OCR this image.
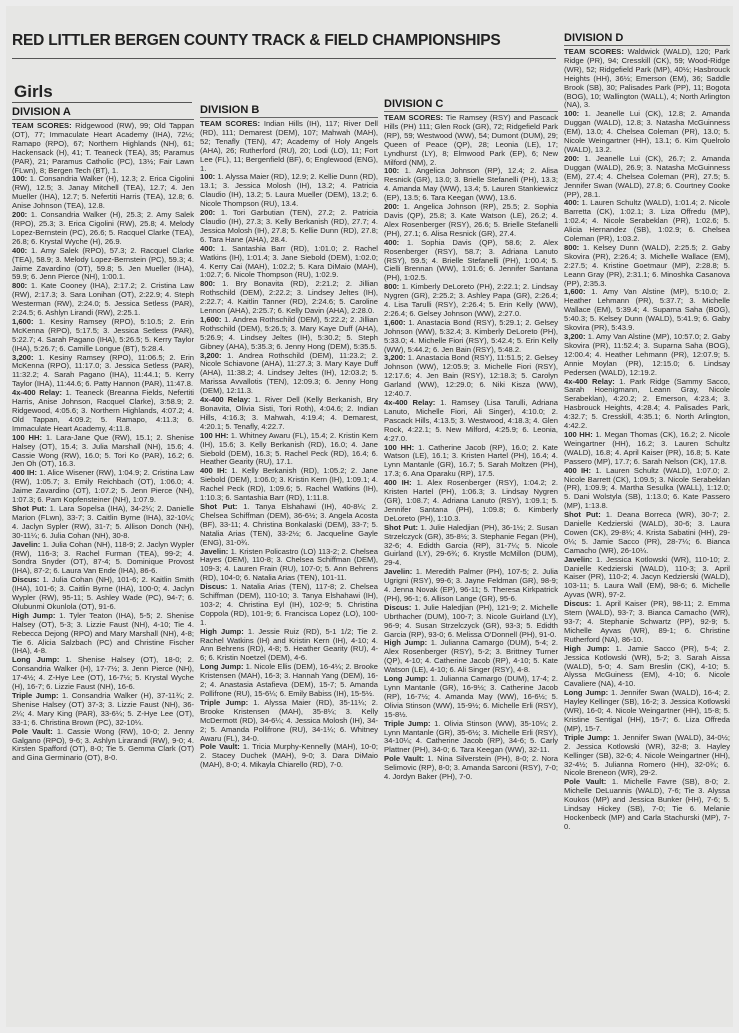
RED LITTLER BERGEN COUNTY TRACK & FIELD CHAMPIONSHIPS
Girls
DIVISION A

TEAM SCORES: Ridgewood (RW), 99; Old Tappan (OT), 77; Immaculate Heart Academy (IHA), 72½; Ramapo (RPO), 67; Northern Highlands (NH), 61; Hackensack (H), 41; T. Teaneck (TEA), 35; Paramus (PAR), 21; Paramus Catholic (PC), 13½; Fair Lawn (FLwn), 8; Bergen Tech (BT), 1.

100: 1. Consandria Walker (H), 12.3; 2. Erica Cigolini (RW), 12.5; 3. Janay Mitchell (TEA), 12.7; 4. Jen Mueller (IHA), 12.7; 5. Nefertiti Harris (TEA), 12.8; 6. Anise Johnson (TEA), 12.8.

200: 1. Consandria Walker (H), 25.3; 2. Amy Salek (RPO), 25.3; 3. Erica Cigolini (RW), 25.8; 4. Melody Lopez-Bernstein (PC), 26.6; 5. Racquel Clarke (TEA), 26.8; 6. Krystal Wyche (H), 26.9.

400: 1. Amy Salek (RPO), 57.3; 2. Racquel Clarke (TEA), 58.9; 3. Melody Lopez-Bernstein (PC), 59.3; 4. Jaime Zavardino (OT), 59.8; 5. Jen Mueller (IHA), 59.9; 6. Jenn Pierce (NH), 1:00.1.

800: 1. Kate Cooney (IHA), 2:17.2; 2. Cristina Law (RW), 2:17.3; 3. Sara Lonihan (OT), 2:22.9; 4. Steph Westerman (RW), 2:24.0; 5. Jessica Setless (PAR), 2:24.5; 6. Ashlyn Lirandi (RW), 2:25.1.

1,600: 1. Kesiny Ramsey (RPO), 5:10.5; 2. Erin McKenna (RPO), 5:17.5; 3. Jessica Setless (PAR), 5:22.7; 4. Sarah Pagano (IHA), 5:26.5; 5. Kerry Taylor (IHA), 5:26.7; 6. Camille Longue (BT), 5:28.4.

3,200: 1. Kesiny Ramsey (RPO), 11:06.5; 2. Erin McKenna (RPO), 11:17.0; 3. Jessica Setless (PAR), 11:32.2; 4. Sarah Pagano (IHA), 11:44.1; 5. Kerry Taylor (IHA), 11:44.6; 6. Patty Hannon (PAR), 11:47.8.

4x-400 Relay: 1. Teaneck (Breanna Fields, Nefertiti Harris, Anise Johnson, Racquel Clarke), 3:58.9; 2. Ridgewood, 4:05.6; 3. Northern Highlands, 4:07.2; 4. Old Tappan, 4:09.2; 5. Ramapo, 4:11.3; 6. Immaculate Heart Academy, 4:11.8.

100 HH: 1. Lara-Jane Que (RW), 15.1; 2. Shenise Halsey (OT), 15.4; 3. Julia Marshall (NH), 15.6; 4. Cassie Wong (RW), 16.0; 5. Tori Ko (PAR), 16.2; 6. Jen Oh (OT), 16.3.

400 IH: 1. Alice Wisener (RW), 1:04.9; 2. Cristina Law (RW), 1:05.7; 3. Emily Reichbach (OT), 1:06.0; 4. Jaime Zavardino (OT), 1:07.2; 5. Jenn Pierce (NH), 1:07.3; 6. Pam Kopfensteiner (NH), 1:07.9.

Shot Put: 1. Lara Sopelsa (IHA), 34-2¼; 2. Danielle Marion (FLwn), 33-7; 3. Caitlin Byrne (IHA), 32-10¼; 4. Jaclyn Sypler (RW), 31-7; 5. Allison Donch (NH), 30-11¼; 6. Julia Cohan (NH), 30-8.

Javelin: 1. Julia Cohan (NH), 118-9; 2. Jaclyn Wypler (RW), 116-3; 3. Rachel Furman (TEA), 99-2; 4. Sondra Snyder (OT), 87-4; 5. Dominique Provost (IHA), 87-2; 6. Laura Van Ende (IHA), 86-6.

Discus: 1. Julia Cohan (NH), 101-6; 2. Kaitlin Smith (IHA), 101-6; 3. Caitlin Byrne (IHA), 100-0; 4. Jaclyn Wypler (RW), 95-11; 5. Ashley Wade (PC), 94-7; 6. Olubunmi Okunlola (OT), 91-6.

High Jump: 1. Tyler Teaton (IHA), 5-5; 2. Shenise Halsey (OT), 5-3; 3. Lizzie Faust (NH), 4-10; Tie 4. Rebecca Dejong (RPO) and Mary Marshall (NH), 4-8; Tie 6. Alicia Salzbach (PC) and Christine Fischer (IHA), 4-8.

Long Jump: 1. Shenise Halsey (OT), 18-0; 2. Consandria Walker (H), 17-7½; 3. Jenn Pierce (NH), 17-4½; 4. Z-Hye Lee (OT), 16-7½; 5. Krystal Wyche (H), 16-7; 6. Lizzie Faust (NH), 16-6.

Triple Jump: 1. Consandria Walker (H), 37-11¾; 2. Shenise Halsey (OT) 37-3; 3. Lizzie Faust (NH), 36-2¼; 4. Mary King (PAR), 33-6¼; 5. Z-Hye Lee (OT), 33-1; 6. Christina Brown (PC), 32-10¼.

Pole Vault: 1. Cassie Wong (RW), 10-0; 2. Jenny Galgano (RPO), 9-6; 3. Ashlyn Lirarandi (RW), 9-0; 4. Kirsten Spafford (OT), 8-0; Tie 5. Gemma Clark (OT) and Gina Germinario (OT), 8-0.

DIVISION B

TEAM SCORES: Indian Hills (IH), 117; River Dell (RD), 111; Demarest (DEM), 107; Mahwah (MAH), 52; Tenafly (TEN), 47; Academy of Holy Angels (AHA), 26; Rutherford (RU), 20; Lodi (LO), 11; Fort Lee (FL), 11; Bergenfield (BF), 6; Englewood (ENG), 1.

100: 1. Alyssa Maier (RD), 12.9; 2. Kellie Dunn (RD), 13.1; 3. Jessica Molosh (IH), 13.2; 4. Patricia Claudio (IH), 13.2; 5. Laura Mueller (DEM), 13.2; 6. Nicole Thompson (RU), 13.4.

200: 1. Tori Garbutian (TEN), 27.2; 2. Patricia Claudio (IH), 27.3; 3. Kelly Berkanish (RD), 27.7; 4. Jessica Molosh (IH), 27.8; 5. Kellie Dunn (RD), 27.8; 6. Tara Hane (AHA), 28.4.

400: 1. Santashia Barr (RD), 1:01.0; 2. Rachel Watkins (IH), 1:01.4; 3. Jane Siebold (DEM), 1:02.0; 4. Kerry Cai (MAH), 1:02.2; 5. Kara DiMaio (MAH), 1:02.7; 6. Nicole Thompson (RU), 1:02.9.

800: 1. Bry Bonavita (RD), 2:21.2; 2. Jillian Rothschild (DEM), 2:22.2; 3. Lindsey Jeltes (IH), 2:22.7; 4. Kaitlin Tanner (RD), 2:24.6; 5. Caroline Lennon (AHA), 2:25.7; 6. Kelly Davin (AHA), 2:28.0.

1,600: 1. Andrea Rothschild (DEM), 5:22.2; 2. Jillian Rothschild (DEM), 5:26.5; 3. Mary Kaye Duff (AHA), 5:26.9; 4. Lindsey Jeltes (IH), 5:30.2; 5. Steph Gibney (AHA), 5:35.3; 6. Jenny Hong (DEM), 5:35.5.

3,200: 1. Andrea Rothschild (DEM), 11:23.2; 2. Nicole Schiavone (AHA), 11:27.3; 3. Mary Kaye Duff (AHA), 11:38.2; 4. Lindsey Jeltes (IH), 12:03.2; 5. Marissa Avvallotis (TEN), 12:09.3; 6. Jenny Hong (DEM), 12:11.3.

4x-400 Relay: 1. River Dell (Kelly Berkanish, Bry Bonavita, Olivia Sisti, Tori Roth), 4:04.6; 2. Indian Hills, 4:16.3; 3. Mahwah, 4:19.4; 4. Demarest, 4:20.1; 5. Tenafly, 4:22.7.

100 HH: 1. Whitney Awaru (FL), 15.4; 2. Kristin Kern (IH), 15.6; 3. Kelly Berkanish (RD), 16.0; 4. Jane Siebold (DEM), 16.3; 5. Rachel Peck (RD), 16.4; 6. Heather Gearity (RU), 17.1.

400 IH: 1. Kelly Berkanish (RD), 1:05.2; 2. Jane Siebold (DEM), 1:06.0; 3. Kristin Kern (IH), 1:09.1; 4. Rachel Peck (RD), 1:09.6; 5. Rachel Watkins (IH), 1:10.3; 6. Santashia Barr (RD), 1:11.8.

Shot Put: 1. Tanya Elshahawi (IH), 40-8¼; 2. Chelsea Schiffman (DEM), 36-6½; 3. Angela Acosta (BF), 33-11; 4. Christina Bonkalaski (DEM), 33-7; 5. Natalia Arias (TEN), 33-2½; 6. Jacqueline Gayle (ENG), 31-0¾.

Javelin: 1. Kristen Policastro (LO) 113-2; 2. Chelsea Hayes (DEM), 110-8; 3. Chelsea Schiffman (DEM), 109-3; 4. Lauren Frain (RU), 107-0; 5. Ann Behrens (RD), 104-0; 6. Natalia Arias (TEN), 101-11.

Discus: 1. Natalia Arias (TEN), 117-8; 2. Chelsea Schiffman (DEM), 110-10; 3. Tanya Elshahawi (IH), 103-2; 4. Christina Eyl (IH), 102-9; 5. Christina Coppola (RD), 101-9; 6. Francisca Lopez (LO), 100-1.

High Jump: 1. Jessie Ruiz (RD), 5-1 1/2; Tie 2. Rachel Watkins (IH) and Kristin Kern (IH), 4-10; 4. Ann Behrens (RD), 4-8; 5. Heather Gearity (RU), 4-6; 6. Kristin Noetzel (DEM), 4-6.

Long Jump: 1. Nicole Ellis (DEM), 16-4¼; 2. Brooke Kristensen (MAH), 16-3; 3. Hannah Yang (DEM), 16-2; 4. Anastasia Astafieva (DEM), 15-7; 5. Amanda Pollifrone (RU), 15-6¼; 6. Emily Babiss (IH), 15-5½.

Triple Jump: 1. Alyssa Maier (RD), 35-11¼; 2. Brooke Kristensen (MAH), 35-8¼; 3. Kelly McDermott (RD), 34-6¼; 4. Jessica Molosh (IH), 34-2; 5. Amanda Pollifrone (RU), 34-1¼; 6. Whitney Awaru (FL), 34-0.

Pole Vault: 1. Tricia Murphy-Kennelly (MAH), 10-0; 2. Stacey Duchek (MAH), 9-0; 3. Dara DiMaio (MAH), 8-0; 4. Mikayla Chiarello (RD), 7-0.

DIVISION C

TEAM SCORES: Tie Ramsey (RSY) and Pascack Hills (PH) 111; Glen Rock (GR), 72; Ridgefield Park (RP), 59; Westwood (WW), 54; Dumont (DUM), 29; Queen of Peace (QP), 28; Leonia (LE), 17; Lyndhurst (LY), 8; Elmwood Park (EP), 6; New Milford (NM), 2.

100: 1. Angelica Johnson (RP), 12.4; 2. Alisa Resnick (GR), 13.0; 3. Brielle Stefanelli (PH), 13.3; 4. Amanda May (WW), 13.4; 5. Lauren Stankiewicz (EP), 13.5; 6. Tara Keegan (WW), 13.6.

200: 1. Angelica Johnson (RP), 25.5; 2. Sophia Davis (QP), 25.8; 3. Kate Watson (LE), 26.2; 4. Alex Rosenberger (RSY), 26.6; 5. Brielle Stefanelli (PH), 27.1; 6. Alisa Resnick (GR), 27.4.

400: 1. Sophia Davis (QP), 58.6; 2. Alex Rosenberger (RSY), 58.7; 3. Adriana Lanuto (RSY), 59.5; 4. Brielle Stefanelli (PH), 1:00.4; 5. Cielli Brennan (WW), 1:01.6; 6. Jennifer Santana (PH), 1:02.5.

800: 1. Kimberly DeLoreto (PH), 2:22.1; 2. Lindsay Nygren (GR), 2:25.2; 3. Ashley Papa (GR), 2:26.4; 4. Lisa Tarulli (RSY), 2:26.4; 5. Erin Kelly (WW), 2:26.4; 6. Gelsey Johnson (WW), 2:27.0.

1,600: 1. Anastacia Bond (RSY), 5:29.1; 2. Gelsey Johnson (WW), 5:32.4; 3. Kimberly DeLoreto (PH), 5:33.0; 4. Michelle Fiori (RSY), 5:42.4; 5. Erin Kelly (WW), 5:44.2; 6. Jen Bain (RSY), 5:48.2.

3,200: 1. Anastacia Bond (RSY), 11:51.5; 2. Gelsey Johnson (WW), 12:05.9; 3. Michelle Fiori (RSY), 12:17.6; 4. Jen Bain (RSY), 12:18.3; 5. Carolyn Garland (WW), 12:29.0; 6. Niki Kisza (WW), 12:40.7.

4x-400 Relay: 1. Ramsey (Lisa Tarulli, Adriana Lanuto, Michelle Fiori, Ali Singer), 4:10.0; 2. Pascack Hills, 4:13.5; 3. Westwood, 4:18.3; 4. Glen Rock, 4:22.1; 5. New Milford, 4:25.9; 6. Leonia, 4:27.0.

100 HH: 1. Catherine Jacob (RP), 16.0; 2. Kate Watson (LE), 16.1; 3. Kristen Hartel (PH), 16.4; 4. Lynn Mantanle (GR), 16.7; 5. Sarah Moltzen (PH), 17.3; 6. Ana Oparaku (RP), 17.5.

400 IH: 1. Alex Rosenberger (RSY), 1:04.2; 2. Kristen Hartel (PH), 1:06.3; 3. Lindsay Nygren (GR), 1:08.7; 4. Adriana Lanuto (RSY), 1:09.1; 5. Jennifer Santana (PH), 1:09.8; 6. Kimberly DeLoreto (PH), 1:10.3.

Shot Put: 1. Julie Haledjian (PH), 36-1½; 2. Susan Strzelczyck (GR), 35-8½; 3. Stephanie Fegan (PH), 32-6; 4. Edidth Garcia (RP), 31-7¼; 5. Nicole Guirland (LY), 29-6¾; 6. Krystle McMillon (DUM), 29-4.

Javelin: 1. Meredith Palmer (PH), 107-5; 2. Julia Ugrigni (RSY), 99-6; 3. Jayne Feldman (GR), 98-9; 4. Jenna Novak (EP), 96-11; 5. Theresa Kirkpatrick (PH), 96-1; 6. Allison Lange (GR), 95-6.

Discus: 1. Julie Haledjian (PH), 121-9; 2. Michelle Ubrthacher (DUM), 100-7; 3. Nicole Guirland (LY), 96-9; 4. Susan Strzelczyck (GR), 93-3; 5. Edidth Garcia (RP), 93-0; 6. Melissa O'Donnell (PH), 91-0.

High Jump: 1. Julianna Camargo (DUM), 5-4; 2. Alex Rosenberger (RSY), 5-2; 3. Brittney Turner (QP), 4-10; 4. Catherine Jacob (RP), 4-10; 5. Kate Watson (LE), 4-10; 6. Ali Singer (RSY), 4-8.

Long Jump: 1. Julianna Camargo (DUM), 17-4; 2. Lynn Mantanle (GR), 16-9½; 3. Catherine Jacob (RP), 16-7½; 4. Amanda May (WW), 16-6½; 5. Olivia Stinson (WW), 15-9½; 6. Michelle Erli (RSY), 15-8½.

Triple Jump: 1. Olivia Stinson (WW), 35-10¼; 2. Lynn Mantanle (GR), 35-6½; 3. Michelle Erli (RSY), 34-10¼; 4. Catherine Jacob (RP), 34-6; 5. Carly Plattner (PH), 34-0; 6. Tara Keegan (WW), 32-11.

Pole Vault: 1. Nina Silverstein (PH), 8-0; 2. Nora Selimovic (RP), 8-0; 3. Amanda Sarconi (RSY), 7-0; 4. Jordyn Baker (PH), 7-0.

DIVISION D

TEAM SCORES: Waldwick (WALD), 120; Park Ridge (PR), 94; Cresskill (CK), 59; Wood-Ridge (WR), 52; Ridgefield Park (MP), 40½; Hasbrouck Heights (HH), 36½; Emerson (EM), 36; Saddle Brook (SB), 30; Palisades Park (PP), 11; Bogota (BOG), 10; Wallington (WALL), 4; North Arlington (NA), 3.

100: 1. Jeanelle Lui (CK), 12.8; 2. Amanda Duggan (WALD), 12.8; 3. Natasha McGuinness (EM), 13.0; 4. Chelsea Coleman (PR), 13.0; 5. Nicole Weingartner (HH), 13.1; 6. Kim Quelrolo (WALD), 13.2.

200: 1. Jeanelle Lui (CK), 26.7; 2. Amanda Duggan (WALD), 26.9; 3. Natasha McGuinness (EM), 27.4; 4. Chelsea Coleman (PR), 27.5; 5. Jennifer Swan (WALD), 27.8; 6. Courtney Cooke (PP), 28.1.

400: 1. Lauren Schultz (WALD), 1:01.4; 2. Nicole Barretta (CK), 1:02.1; 3. Liza Offredu (MP), 1:02.4; 4. Nicole Serabeklan (PR), 1:02.6; 5. Alicia Hernandez (SB), 1:02.9; 6. Chelsea Coleman (PR), 1:03.2.

800: 1. Kelsey Dunn (WALD), 2:25.5; 2. Gaby Skovira (PR), 2:26.4; 3. Michelle Wallace (EM), 2:27.5; 4. Kristine Goetmaur (MP), 2:28.8; 5. Leann Gray (PR), 2:31.1; 6. Minoshka Casanova (PP), 2:35.3.

1,600: 1. Amy Van Alstine (MP), 5:10.0; 2. Heather Lehmann (PR), 5:37.7; 3. Michelle Wallace (EM), 5:39.4; 4. Suparna Saha (BOG), 5:40.3; 5. Kelsey Dunn (WALD), 5:41.9; 6. Gaby Skovira (PR), 5:43.9.

3,200: 1. Amy Van Alstine (MP), 10:57.0; 2. Gaby Skovira (PR), 11:52.4; 3. Suparna Saha (BOG), 12:00.4; 4. Heather Lehmann (PR), 12:07.9; 5. Annie Moylan (PR), 12:15.0; 6. Lindsay Pedersen (WALD), 12:19.2.

4x-400 Relay: 1. Park Ridge (Sammy Sacco, Sarah Hoenigmann, Leann Gray, Nicole Serabeklan), 4:20.2; 2. Emerson, 4:23.4; 3. Hasbrouck Heights, 4:28.4; 4. Palisades Park, 4:32.7; 5. Cresskill, 4:35.1; 6. North Arlington, 4:42.2.

100 HH: 1. Megan Thomas (CK), 16.2; 2. Nicole Weingartner (HH), 16.2; 3. Lauren Schultz (WALD), 16.8; 4. April Kaiser (PR), 16.8; 5. Kate Passero (MP), 17.7; 6. Sarah Nelson (CK), 17.8.

400 IH: 1. Lauren Schultz (WALD), 1:07.0; 2. Nicole Barrett (CK), 1:09.5; 3. Nicole Serabeklan (PR), 1:09.9; 4. Martha Sesulka (WALL), 1:12.0; 5. Dani Wolstyla (SB), 1:13.0; 6. Kate Passero (MP), 1:13.8.

Shot Put: 1. Deana Borreca (WR), 30-7; 2. Danielle Kedzierski (WALD), 30-6; 3. Laura Cowen (CK), 29-8¼; 4. Krista Sabatini (HH), 29-0¼; 5. Jamie Sacco (PR), 28-7¼; 6. Bianca Camacho (WR), 26-10¼.

Javelin: 1. Jessica Kotlowski (WR), 110-10; 2. Danielle Kedzierski (WALD), 110-3; 3. April Kaiser (PR), 110-2; 4. Jacyn Kedzierski (WALD), 103-11; 5. Laura Wall (EM), 98-6; 6. Michelle Ayvas (WR), 97-2.

Discus: 1. April Kaiser (PR), 98-11; 2. Emma Stern (WALD), 93-7; 3. Bianca Camacho (WR), 93-7; 4. Stephanie Schwartz (PP), 92-9; 5. Michelle Ayvas (WR), 89-1; 6. Christine Rutherford (NA), 86-10.

High Jump: 1. Jamie Sacco (PR), 5-4; 2. Jessica Kotlowski (WR), 5-2; 3. Sarah Aissa (WALD), 5-0; 4. Sam Breslin (CK), 4-10; 5. Alyssa McGuiness (EM), 4-10; 6. Nicole Cavaliere (NA), 4-10.

Long Jump: 1. Jennifer Swan (WALD), 16-4; 2. Hayley Kellinger (SB), 16-2; 3. Jessica Kotlowski (WR), 16-0; 4. Nicole Weingartner (HH), 15-8; 5. Kristine Sentigal (HH), 15-7; 6. Liza Offreda (MP), 15-7.

Triple Jump: 1. Jennifer Swan (WALD), 34-0½; 2. Jessica Kotlowski (WR), 32-8; 3. Hayley Kellinger (SB), 32-6; 4. Nicole Weingartner (HH), 32-4½; 5. Julianna Romero (HH), 32-0¾; 6. Nicole Breneon (WR), 29-2.

Pole Vault: 1. Michelle Favre (SB), 8-0; 2. Michelle DeLuannis (WALD), 7-6; Tie 3. Alyssa Koukos (MP) and Jessica Bunker (HH), 7-6; 5. Lindsay Hickey (SB), 7-0; Tie 6. Melanie Hockenbeck (MP) and Carla Stachurski (MP), 7-0.
